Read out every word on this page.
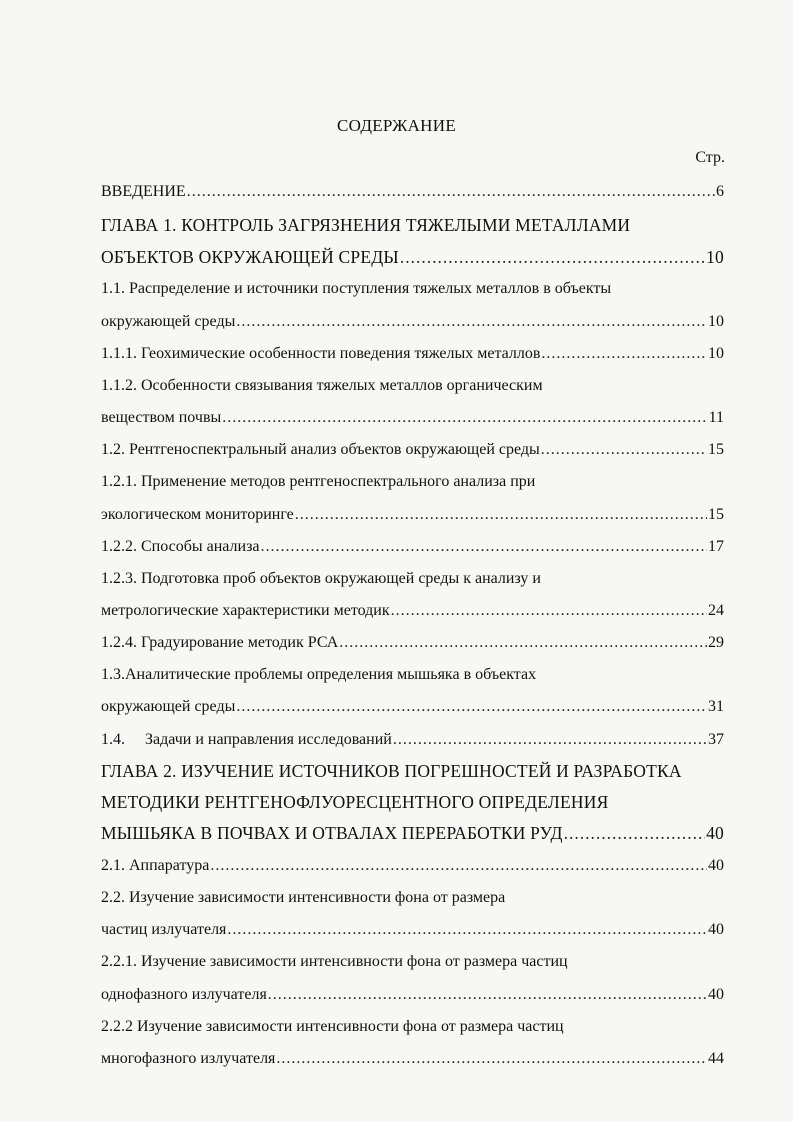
СОДЕРЖАНИЕ
Стр.
ВВЕДЕНИЕ .....	6
ГЛАВА 1. КОНТРОЛЬ ЗАГРЯЗНЕНИЯ ТЯЖЕЛЫМИ МЕТАЛЛАМИ
ОБЪЕКТОВ ОКРУЖАЮЩЕЙ СРЕДЫ .....	10
1.1. Распределение и источники поступления тяжелых металлов в объекты
окружающей среды .....	10
1.1.1. Геохимические особенности поведения тяжелых металлов .....	10
1.1.2. Особенности связывания тяжелых металлов органическим
веществом почвы .....	11
1.2. Рентгеноспектральный анализ объектов окружающей среды .....	15
1.2.1. Применение методов рентгеноспектрального анализа при
экологическом мониторинге .....	15
1.2.2. Способы анализа .....	17
1.2.3. Подготовка проб объектов окружающей среды к анализу и
метрологические характеристики методик .....	24
1.2.4. Градуирование методик РСА .....	29
1.3.Аналитические проблемы определения мышьяка в объектах
окружающей среды .....	31
1.4. Задачи и направления исследований .....	37
ГЛАВА 2. ИЗУЧЕНИЕ ИСТОЧНИКОВ ПОГРЕШНОСТЕЙ И РАЗРАБОТКА
МЕТОДИКИ РЕНТГЕНОФЛУОРЕСЦЕНТНОГО ОПРЕДЕЛЕНИЯ
МЫШЬЯКА В ПОЧВАХ И ОТВАЛАХ ПЕРЕРАБОТКИ РУД .....	40
2.1. Аппаратура .....	40
2.2. Изучение зависимости интенсивности фона от размера
частиц излучателя .....	40
2.2.1. Изучение зависимости интенсивности фона от размера частиц
однофазного излучателя .....	40
2.2.2 Изучение зависимости интенсивности фона от размера частиц
многофазного излучателя .....	44
